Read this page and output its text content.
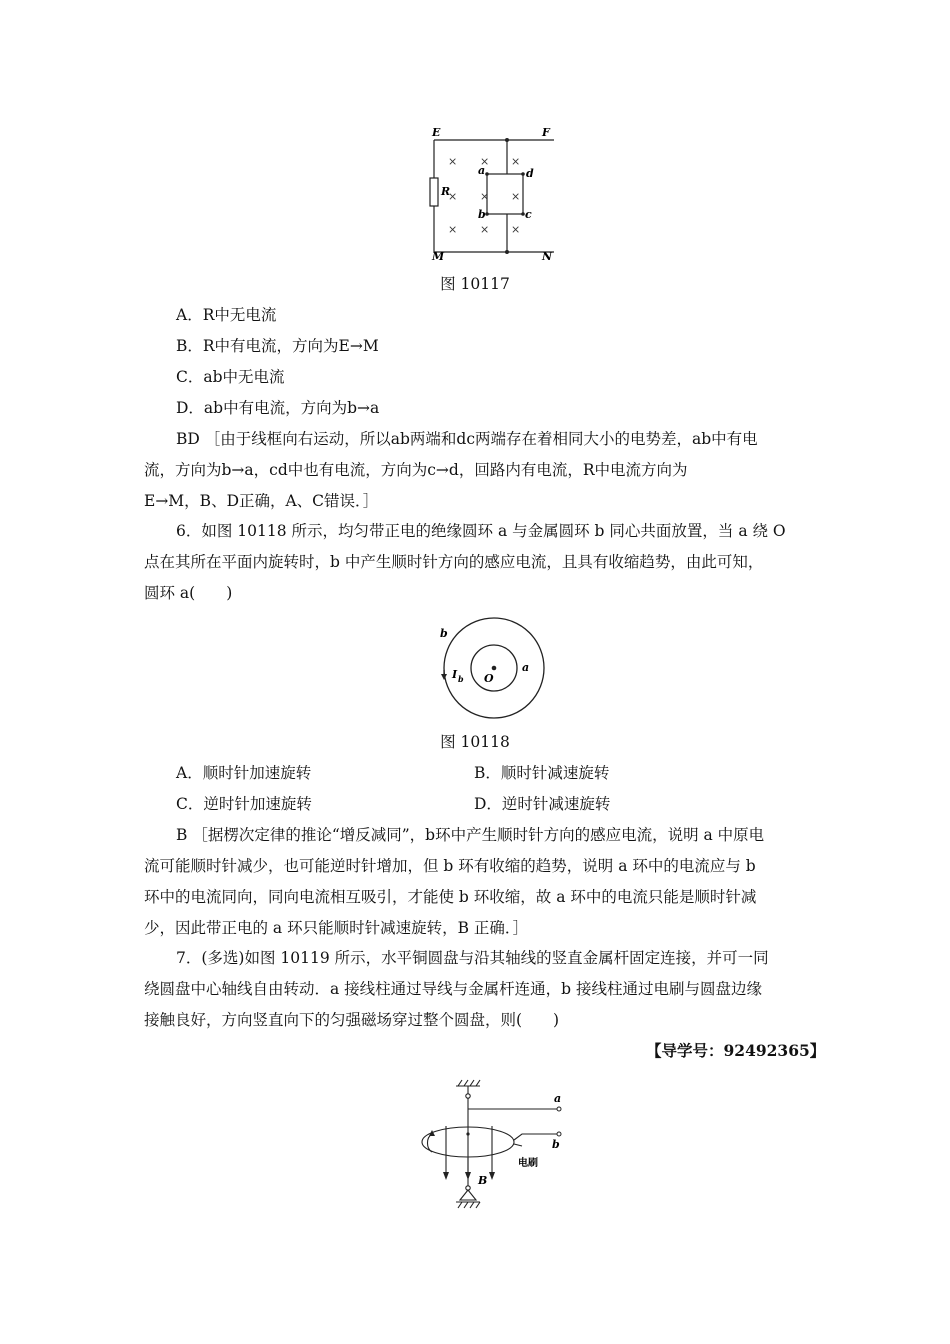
× × ×
× × ×
× × ×
E	F
M	N
R
a
b	c
d
图 10117
A．R中无电流
B．R中有电流，方向为E→M
C．ab中无电流
D．ab中有电流，方向为b→a
BD ［由于线框向右运动，所以ab两端和dc两端存在着相同大小的电势差，ab中有电
流，方向为b→a，cd中也有电流，方向为c→d，回路内有电流，R中电流方向为
E→M，B、D正确，A、C错误．］
6．如图 10118 所示，均匀带正电的绝缘圆环 a 与金属圆环 b 同心共面放置，当 a 绕 O
点在其所在平面内旋转时，b 中产生顺时针方向的感应电流，且具有收缩趋势，由此可知，
圆环 a(　　)
b
a
O
I b
图 10118
A．顺时针加速旋转	B．顺时针减速旋转
C．逆时针加速旋转	D．逆时针减速旋转
B ［据楞次定律的推论“增反减同”，b环中产生顺时针方向的感应电流，说明 a 中原电
流可能顺时针减少，也可能逆时针增加，但 b 环有收缩的趋势，说明 a 环中的电流应与 b
环中的电流同向，同向电流相互吸引，才能使 b 环收缩，故 a 环中的电流只能是顺时针减
少，因此带正电的 a 环只能顺时针减速旋转，B 正确．］
7．(多选)如图 10119 所示，水平铜圆盘与沿其轴线的竖直金属杆固定连接，并可一同
绕圆盘中心轴线自由转动．a 接线柱通过导线与金属杆连通，b 接线柱通过电刷与圆盘边缘
接触良好，方向竖直向下的匀强磁场穿过整个圆盘，则(　　)
【导学号：92492365】
a
b
B
电刷
